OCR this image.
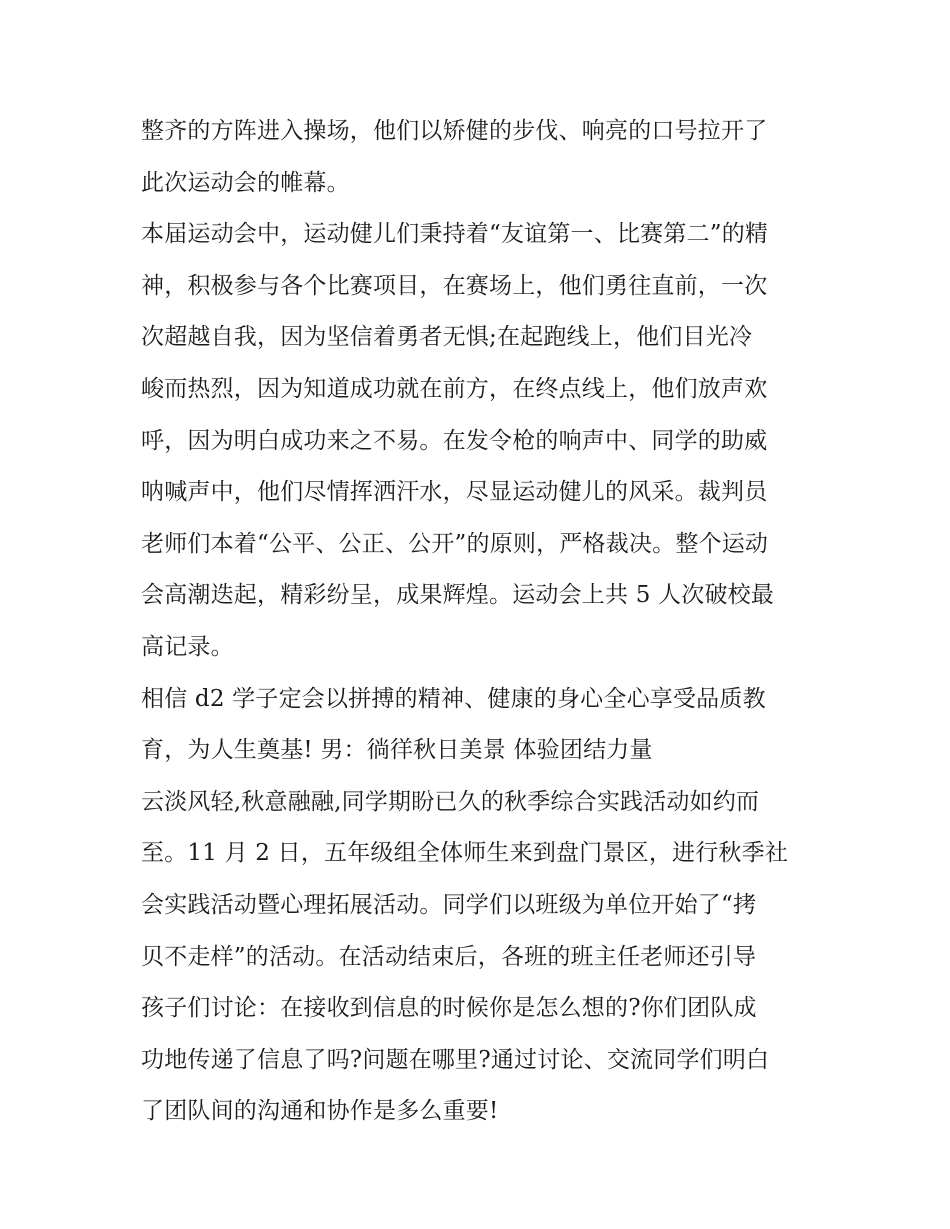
整齐的方阵进入操场，他们以矫健的步伐、响亮的口号拉开了
此次运动会的帷幕。
本届运动会中，运动健儿们秉持着“友谊第一、比赛第二”的精
神，积极参与各个比赛项目，在赛场上，他们勇往直前，一次
次超越自我，因为坚信着勇者无惧;在起跑线上，他们目光冷
峻而热烈，因为知道成功就在前方，在终点线上，他们放声欢
呼，因为明白成功来之不易。在发令枪的响声中、同学的助威
呐喊声中，他们尽情挥洒汗水，尽显运动健儿的风采。裁判员
老师们本着“公平、公正、公开”的原则，严格裁决。整个运动
会高潮迭起，精彩纷呈，成果辉煌。运动会上共 5 人次破校最
高记录。
相信 d2 学子定会以拼搏的精神、健康的身心全心享受品质教
育，为人生奠基! 男：徜徉秋日美景 体验团结力量
云淡风轻,秋意融融,同学期盼已久的秋季综合实践活动如约而
至。11 月 2 日，五年级组全体师生来到盘门景区，进行秋季社
会实践活动暨心理拓展活动。同学们以班级为单位开始了“拷
贝不走样”的活动。在活动结束后，各班的班主任老师还引导
孩子们讨论：在接收到信息的时候你是怎么想的?你们团队成
功地传递了信息了吗?问题在哪里?通过讨论、交流同学们明白
了团队间的沟通和协作是多么重要!
